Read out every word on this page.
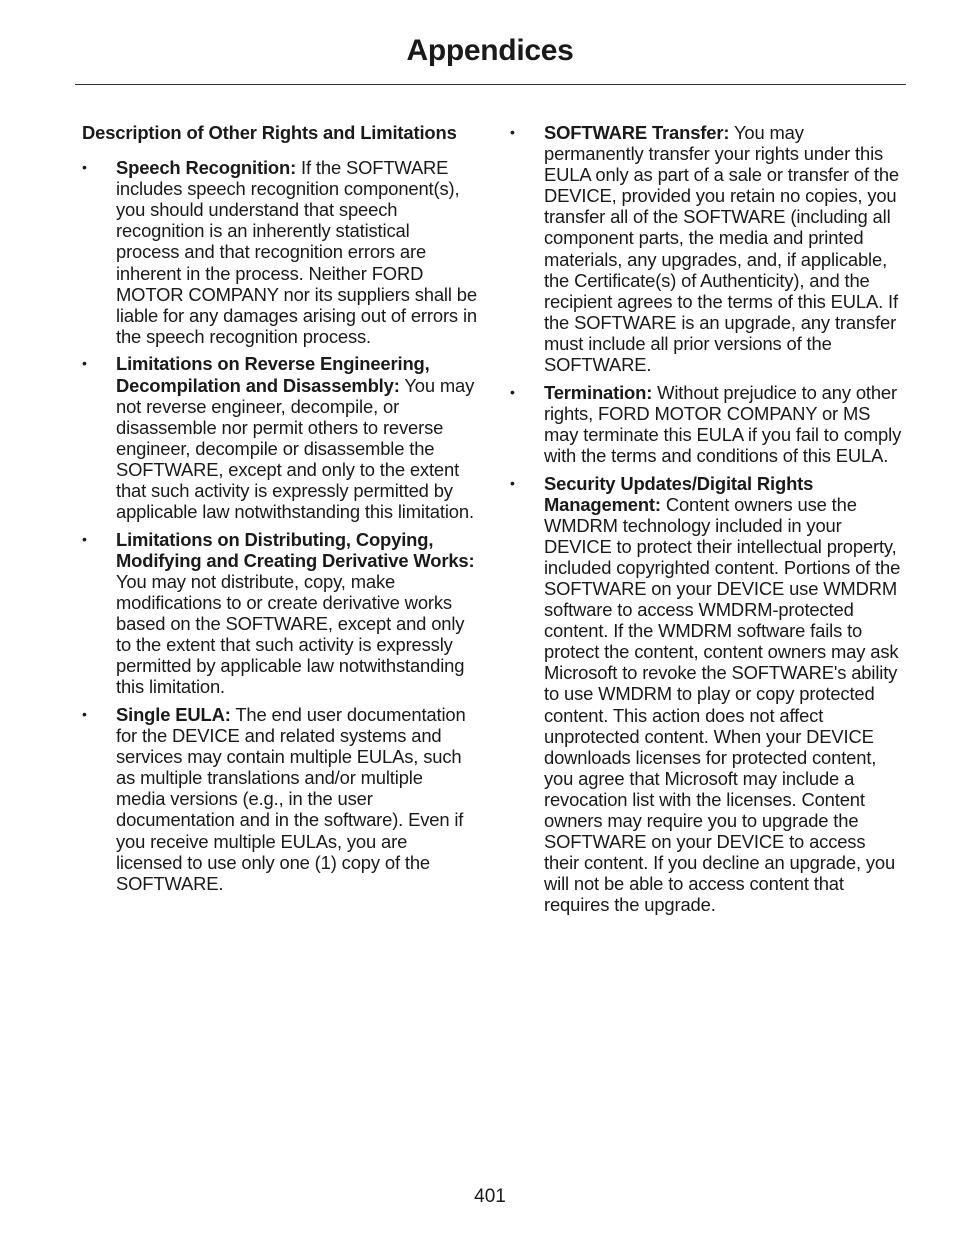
Appendices
Description of Other Rights and Limitations
• Speech Recognition: If the SOFTWARE includes speech recognition component(s), you should understand that speech recognition is an inherently statistical process and that recognition errors are inherent in the process. Neither FORD MOTOR COMPANY nor its suppliers shall be liable for any damages arising out of errors in the speech recognition process.
• Limitations on Reverse Engineering, Decompilation and Disassembly: You may not reverse engineer, decompile, or disassemble nor permit others to reverse engineer, decompile or disassemble the SOFTWARE, except and only to the extent that such activity is expressly permitted by applicable law notwithstanding this limitation.
• Limitations on Distributing, Copying, Modifying and Creating Derivative Works: You may not distribute, copy, make modifications to or create derivative works based on the SOFTWARE, except and only to the extent that such activity is expressly permitted by applicable law notwithstanding this limitation.
• Single EULA: The end user documentation for the DEVICE and related systems and services may contain multiple EULAs, such as multiple translations and/or multiple media versions (e.g., in the user documentation and in the software). Even if you receive multiple EULAs, you are licensed to use only one (1) copy of the SOFTWARE.
• SOFTWARE Transfer: You may permanently transfer your rights under this EULA only as part of a sale or transfer of the DEVICE, provided you retain no copies, you transfer all of the SOFTWARE (including all component parts, the media and printed materials, any upgrades, and, if applicable, the Certificate(s) of Authenticity), and the recipient agrees to the terms of this EULA. If the SOFTWARE is an upgrade, any transfer must include all prior versions of the SOFTWARE.
• Termination: Without prejudice to any other rights, FORD MOTOR COMPANY or MS may terminate this EULA if you fail to comply with the terms and conditions of this EULA.
• Security Updates/Digital Rights Management: Content owners use the WMDRM technology included in your DEVICE to protect their intellectual property, included copyrighted content. Portions of the SOFTWARE on your DEVICE use WMDRM software to access WMDRM-protected content. If the WMDRM software fails to protect the content, content owners may ask Microsoft to revoke the SOFTWARE's ability to use WMDRM to play or copy protected content. This action does not affect unprotected content. When your DEVICE downloads licenses for protected content, you agree that Microsoft may include a revocation list with the licenses. Content owners may require you to upgrade the SOFTWARE on your DEVICE to access their content. If you decline an upgrade, you will not be able to access content that requires the upgrade.
401
